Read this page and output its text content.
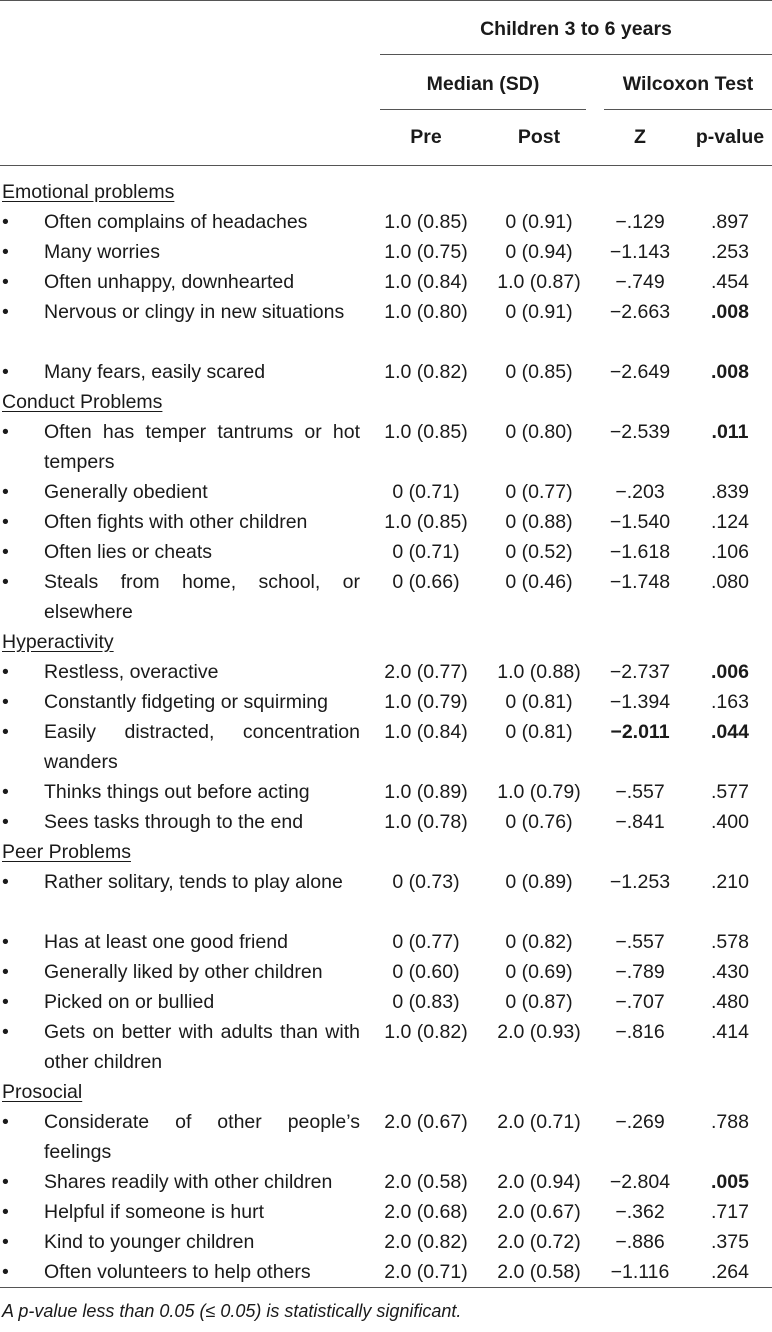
Children 3 to 6 years
Median (SD)	Wilcoxon Test
Pre	Post	Z	p-value
Emotional problems
• Often complains of headaches	1.0 (0.85)	0 (0.91)	−.129	.897
• Many worries	1.0 (0.75)	0 (0.94)	−1.143	.253
• Often unhappy, downhearted	1.0 (0.84) 1.0 (0.87)	−.749	.454
• Nervous or clingy in new situations	1.0 (0.80)	0 (0.91)	−2.663	.008
• Many fears, easily scared	1.0 (0.82)	0 (0.85)	−2.649	.008
Conduct Problems
• Often has temper tantrums or hot tempers
1.0 (0.85)	0 (0.80)	−2.539	.011
• Generally obedient	0 (0.71)	0 (0.77)	−.203	.839
• Often fights with other children	1.0 (0.85)	0 (0.88)	−1.540	.124
• Often lies or cheats	0 (0.71)	0 (0.52)	−1.618	.106
• Steals from home, school, or elsewhere
0 (0.66)	0 (0.46)	−1.748	.080
Hyperactivity
• Restless, overactive	2.0 (0.77) 1.0 (0.88)	−2.737	.006
• Constantly fidgeting or squirming	1.0 (0.79)	0 (0.81)	−1.394	.163
• Easily distracted, concentration wanders
1.0 (0.84)	0 (0.81)	−2.011	.044
• Thinks things out before acting	1.0 (0.89) 1.0 (0.79)	−.557	.577
• Sees tasks through to the end	1.0 (0.78)	0 (0.76)	−.841	.400
Peer Problems
• Rather solitary, tends to play alone	0 (0.73)	0 (0.89)	−1.253	.210
• Has at least one good friend	0 (0.77)	0 (0.82)	−.557	.578
• Generally liked by other children	0 (0.60)	0 (0.69)	−.789	.430
• Picked on or bullied	0 (0.83)	0 (0.87)	−.707	.480
• Gets on better with adults than with other children
1.0 (0.82) 2.0 (0.93)	−.816	.414
Prosocial
• Considerate of other people’s feelings
2.0 (0.67) 2.0 (0.71)	−.269	.788
• Shares readily with other children	2.0 (0.58) 2.0 (0.94)	−2.804	.005
• Helpful if someone is hurt	2.0 (0.68) 2.0 (0.67)	−.362	.717
• Kind to younger children	2.0 (0.82) 2.0 (0.72)	−.886	.375
• Often volunteers to help others	2.0 (0.71) 2.0 (0.58)	−1.116	.264
A p-value less than 0.05 (≤ 0.05) is statistically significant.
